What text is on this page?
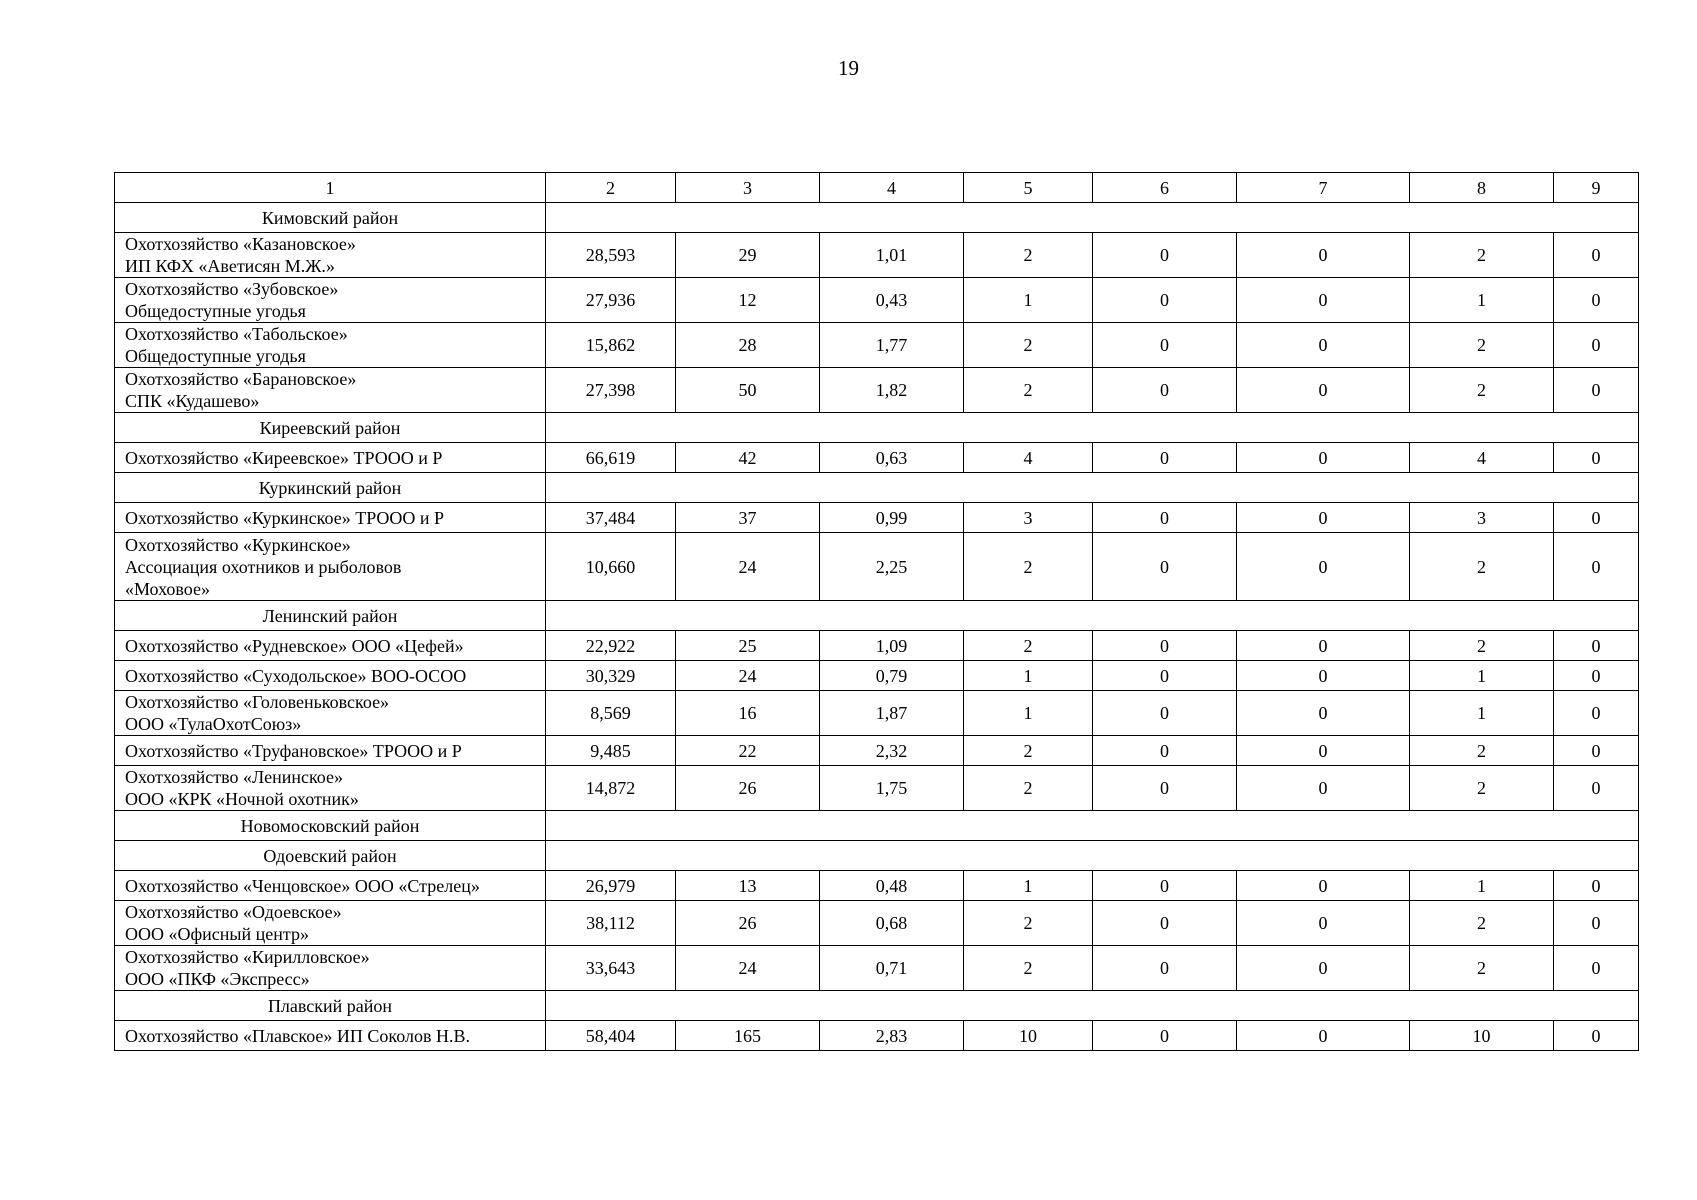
19
1	2	3	4	5	6	7	8	9
Кимовский район								
Охотхозяйство «Казановское»
ИП КФХ «Аветисян М.Ж.»	28,593	29	1,01	2	0	0	2	0
Охотхозяйство «Зубовское»
Общедоступные угодья	27,936	12	0,43	1	0	0	1	0
Охотхозяйство «Табольское»
Общедоступные угодья	15,862	28	1,77	2	0	0	2	0
Охотхозяйство «Барановское»
СПК «Кудашево»	27,398	50	1,82	2	0	0	2	0
Киреевский район								
Охотхозяйство «Киреевское» ТРООО и Р	66,619	42	0,63	4	0	0	4	0
Куркинский район								
Охотхозяйство «Куркинское» ТРООО и Р	37,484	37	0,99	3	0	0	3	0
Охотхозяйство «Куркинское»
Ассоциация охотников и рыболовов
«Моховое»	10,660	24	2,25	2	0	0	2	0
Ленинский район								
Охотхозяйство «Рудневское» ООО «Цефей»	22,922	25	1,09	2	0	0	2	0
Охотхозяйство «Суходольское» ВОО-ОСОО	30,329	24	0,79	1	0	0	1	0
Охотхозяйство «Головеньковское»
ООО «ТулаОхотСоюз»	8,569	16	1,87	1	0	0	1	0
Охотхозяйство «Труфановское» ТРООО и Р	9,485	22	2,32	2	0	0	2	0
Охотхозяйство «Ленинское»
ООО «КРК «Ночной охотник»	14,872	26	1,75	2	0	0	2	0
Новомосковский район								
Одоевский район								
Охотхозяйство «Ченцовское» ООО «Стрелец»	26,979	13	0,48	1	0	0	1	0
Охотхозяйство «Одоевское»
ООО «Офисный центр»	38,112	26	0,68	2	0	0	2	0
Охотхозяйство «Кирилловское»
ООО «ПКФ «Экспресс»	33,643	24	0,71	2	0	0	2	0
Плавский район								
Охотхозяйство «Плавское» ИП Соколов Н.В.	58,404	165	2,83	10	0	0	10	0
